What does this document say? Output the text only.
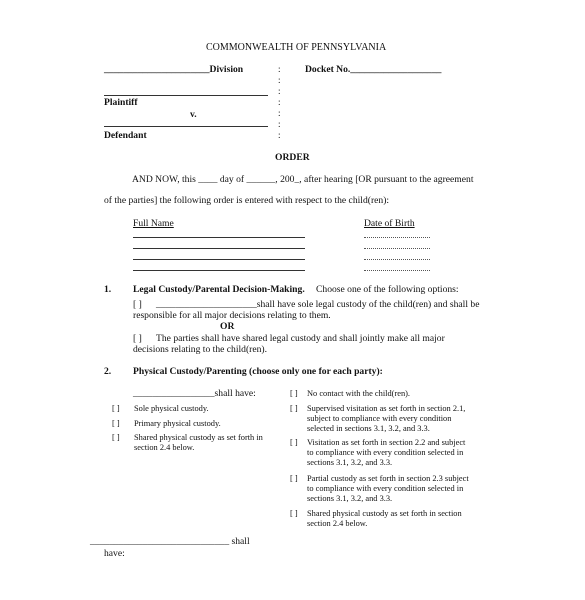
COMMONWEALTH OF PENNSYLVANIA
______________________Division	Docket No.___________________
Plaintiff
v.
Defendant
:
:
:
:
:
:
:
ORDER
AND NOW, this ____ day of ______, 200_, after hearing [OR pursuant to the agreement
of the parties] the following order is entered with respect to the child(ren):
Full Name	Date of Birth
1. Legal Custody/Parental Decision-Making. Choose one of the following options:
[ ] _____________________shall have sole legal custody of the child(ren) and shall be
responsible for all major decisions relating to them.
OR
[ ] The parties shall have shared legal custody and shall jointly make all major
decisions relating to the child(ren).
2. Physical Custody/Parenting (choose only one for each party):
_________________shall have:
[ ] Sole physical custody.
[ ] Primary physical custody.
[ ] Shared physical custody as set forth in
section 2.4 below.
[ ] No contact with the child(ren).
[ ] Supervised visitation as set forth in section 2.1,
subject to compliance with every condition
selected in sections 3.1, 3.2, and 3.3.
[ ] Visitation as set forth in section 2.2 and subject
to compliance with every condition selected in
sections 3.1, 3.2, and 3.3.
[ ] Partial custody as set forth in section 2.3 subject
to compliance with every condition selected in
sections 3.1, 3.2, and 3.3.
[ ] Shared physical custody as set forth in section
section 2.4 below.
_____________________________ shall
have:
